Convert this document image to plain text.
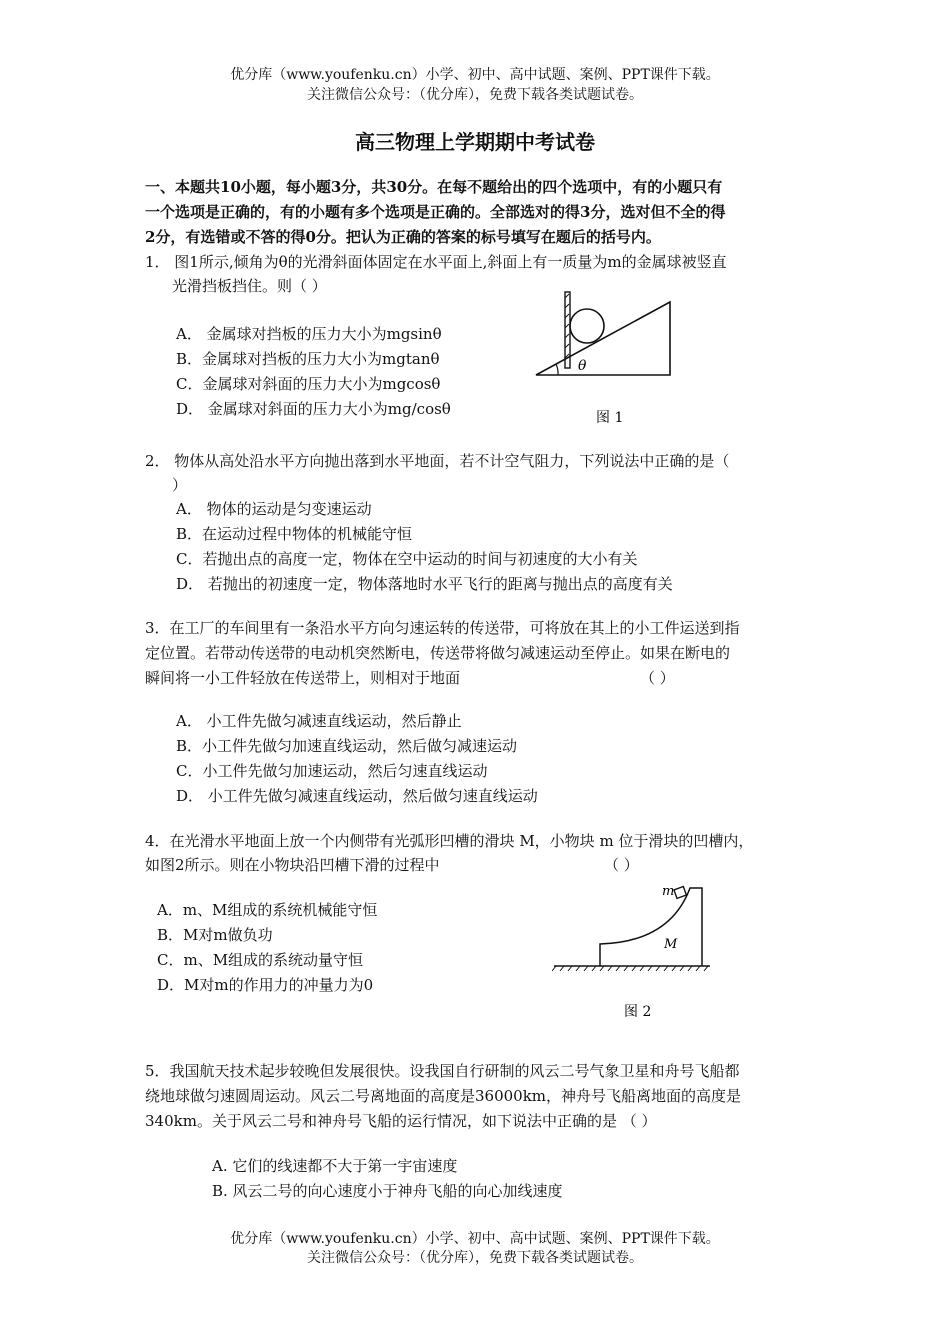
优分库（www.youfenku.cn）小学、初中、高中试题、案例、PPT课件下载。
关注微信公众号：（优分库），免费下载各类试题试卷。
高三物理上学期期中考试卷
一、本题共10小题，每小题3分，共30分。在每不题给出的四个选项中，有的小题只有
一个选项是正确的，有的小题有多个选项是正确的。全部选对的得3分，选对但不全的得
2分，有选错或不答的得0分。把认为正确的答案的标号填写在题后的括号内。
1． 图1所示,倾角为θ的光滑斜面体固定在水平面上,斜面上有一质量为m的金属球被竖直
光滑挡板挡住。则（ ）
A． 金属球对挡板的压力大小为mgsinθ
B．金属球对挡板的压力大小为mgtanθ
C．金属球对斜面的压力大小为mgcosθ
D． 金属球对斜面的压力大小为mg/cosθ
θ
图 1
2． 物体从高处沿水平方向抛出落到水平地面，若不计空气阻力，下列说法中正确的是（
）
A． 物体的运动是匀变速运动
B．在运动过程中物体的机械能守恒
C．若抛出点的高度一定，物体在空中运动的时间与初速度的大小有关
D． 若抛出的初速度一定，物体落地时水平飞行的距离与抛出点的高度有关
3．在工厂的车间里有一条沿水平方向匀速运转的传送带，可将放在其上的小工件运送到指
定位置。若带动传送带的电动机突然断电，传送带将做匀减速运动至停止。如果在断电的
瞬间将一小工件轻放在传送带上，则相对于地面	（ ）
A． 小工件先做匀减速直线运动，然后静止
B．小工件先做匀加速直线运动，然后做匀减速运动
C．小工件先做匀加速运动，然后匀速直线运动
D． 小工件先做匀减速直线运动，然后做匀速直线运动
4．在光滑水平地面上放一个内侧带有光弧形凹槽的滑块 M，小物块 m 位于滑块的凹槽内，
如图2所示。则在小物块沿凹槽下滑的过程中	（ ）
A．m、M组成的系统机械能守恒
B．M对m做负功
C．m、M组成的系统动量守恒
D．M对m的作用力的冲量力为0
m
M
图 2
5．我国航天技术起步较晚但发展很快。设我国自行研制的风云二号气象卫星和舟号飞船都
绕地球做匀速圆周运动。风云二号离地面的高度是36000km，神舟号飞船离地面的高度是
340km。关于风云二号和神舟号飞船的运行情况，如下说法中正确的是 （ ）
A. 它们的线速都不大于第一宇宙速度
B. 风云二号的向心速度小于神舟飞船的向心加线速度
优分库（www.youfenku.cn）小学、初中、高中试题、案例、PPT课件下载。
关注微信公众号：（优分库），免费下载各类试题试卷。
